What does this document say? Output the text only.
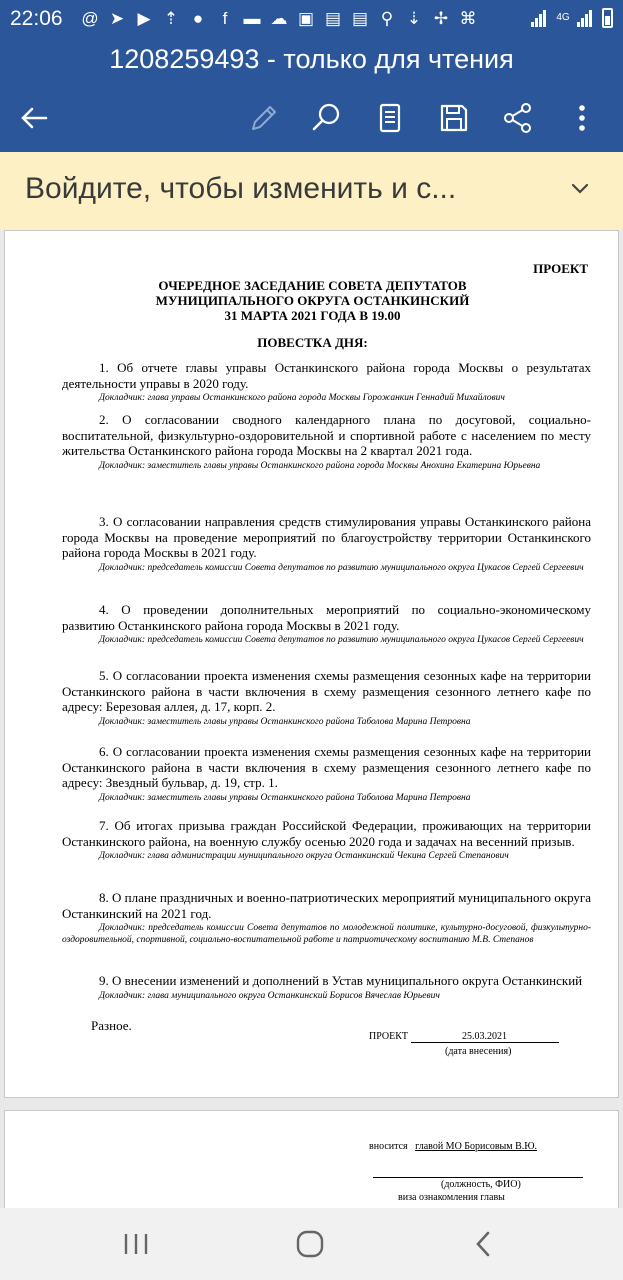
22:06 @ ➤ ▶ ⇡ ●	f ▬ ☁ ▣ ▤ ▤ ⚲ ⇣ ✢ ⌘	4G
1208259493 - только для чтения
Войдите, чтобы изменить и с...
ПРОЕКТ
ОЧЕРЕДНОЕ ЗАСЕДАНИЕ СОВЕТА ДЕПУТАТОВ
МУНИЦИПАЛЬНОГО ОКРУГА ОСТАНКИНСКИЙ
31 МАРТА 2021 ГОДА В 19.00
ПОВЕСТКА ДНЯ:

1. Об отчете главы управы Останкинского района города Москвы о результатах деятельности управы в 2020 году.

Докладчик: глава управы Останкинского района города Москвы Горожанкин Геннадий Михайлович

2. О согласовании сводного календарного плана по досуговой, социально-воспитательной, физкультурно-оздоровительной и спортивной работе с населением по месту жительства Останкинского района города Москвы на 2 квартал 2021 года.

Докладчик: заместитель главы управы Останкинского района города Москвы Анохина Екатерина Юрьевна

3. О согласовании направления средств стимулирования управы Останкинского района города Москвы на проведение мероприятий по благоустройству территории Останкинского района города Москвы в 2021 году.

Докладчик: председатель комиссии Совета депутатов по развитию муниципального округа Цукасов Сергей Сергеевич

4. О проведении дополнительных мероприятий по социально-экономическому развитию Останкинского района города Москвы в 2021 году.

Докладчик: председатель комиссии Совета депутатов по развитию муниципального округа Цукасов Сергей Сергеевич

5. О согласовании проекта изменения схемы размещения сезонных кафе на территории Останкинского района в части включения в схему размещения сезонного летнего кафе по адресу: Березовая аллея, д. 17, корп. 2.

Докладчик: заместитель главы управы Останкинского района Таболова Марина Петровна

6. О согласовании проекта изменения схемы размещения сезонных кафе на территории Останкинского района в части включения в схему размещения сезонного летнего кафе по адресу: Звездный бульвар, д. 19, стр. 1.

Докладчик: заместитель главы управы Останкинского района Таболова Марина Петровна

7. Об итогах призыва граждан Российской Федерации, проживающих на территории Останкинского района, на военную службу осенью 2020 года и задачах на весенний призыв.

Докладчик: глава администрации муниципального округа Останкинский Чекина Сергей Степанович

8. О плане праздничных и военно-патриотических мероприятий муниципального округа Останкинский на 2021 год.

Докладчик: председатель комиссии Совета депутатов по молодежной политике, культурно-досуговой, физкультурно-оздоровительной, спортивной, социально-воспитательной работе и патриотическому воспитанию М.В. Степанов

9. О внесении изменений и дополнений в Устав муниципального округа Останкинский

Докладчик: глава муниципального округа Останкинский Борисов Вячеслав Юрьевич

Разное.
ПРОЕКТ	25.03.2021
(дата внесения)
вносится главой МО Борисовым В.Ю.
(должность, ФИО)
виза ознакомления главы
